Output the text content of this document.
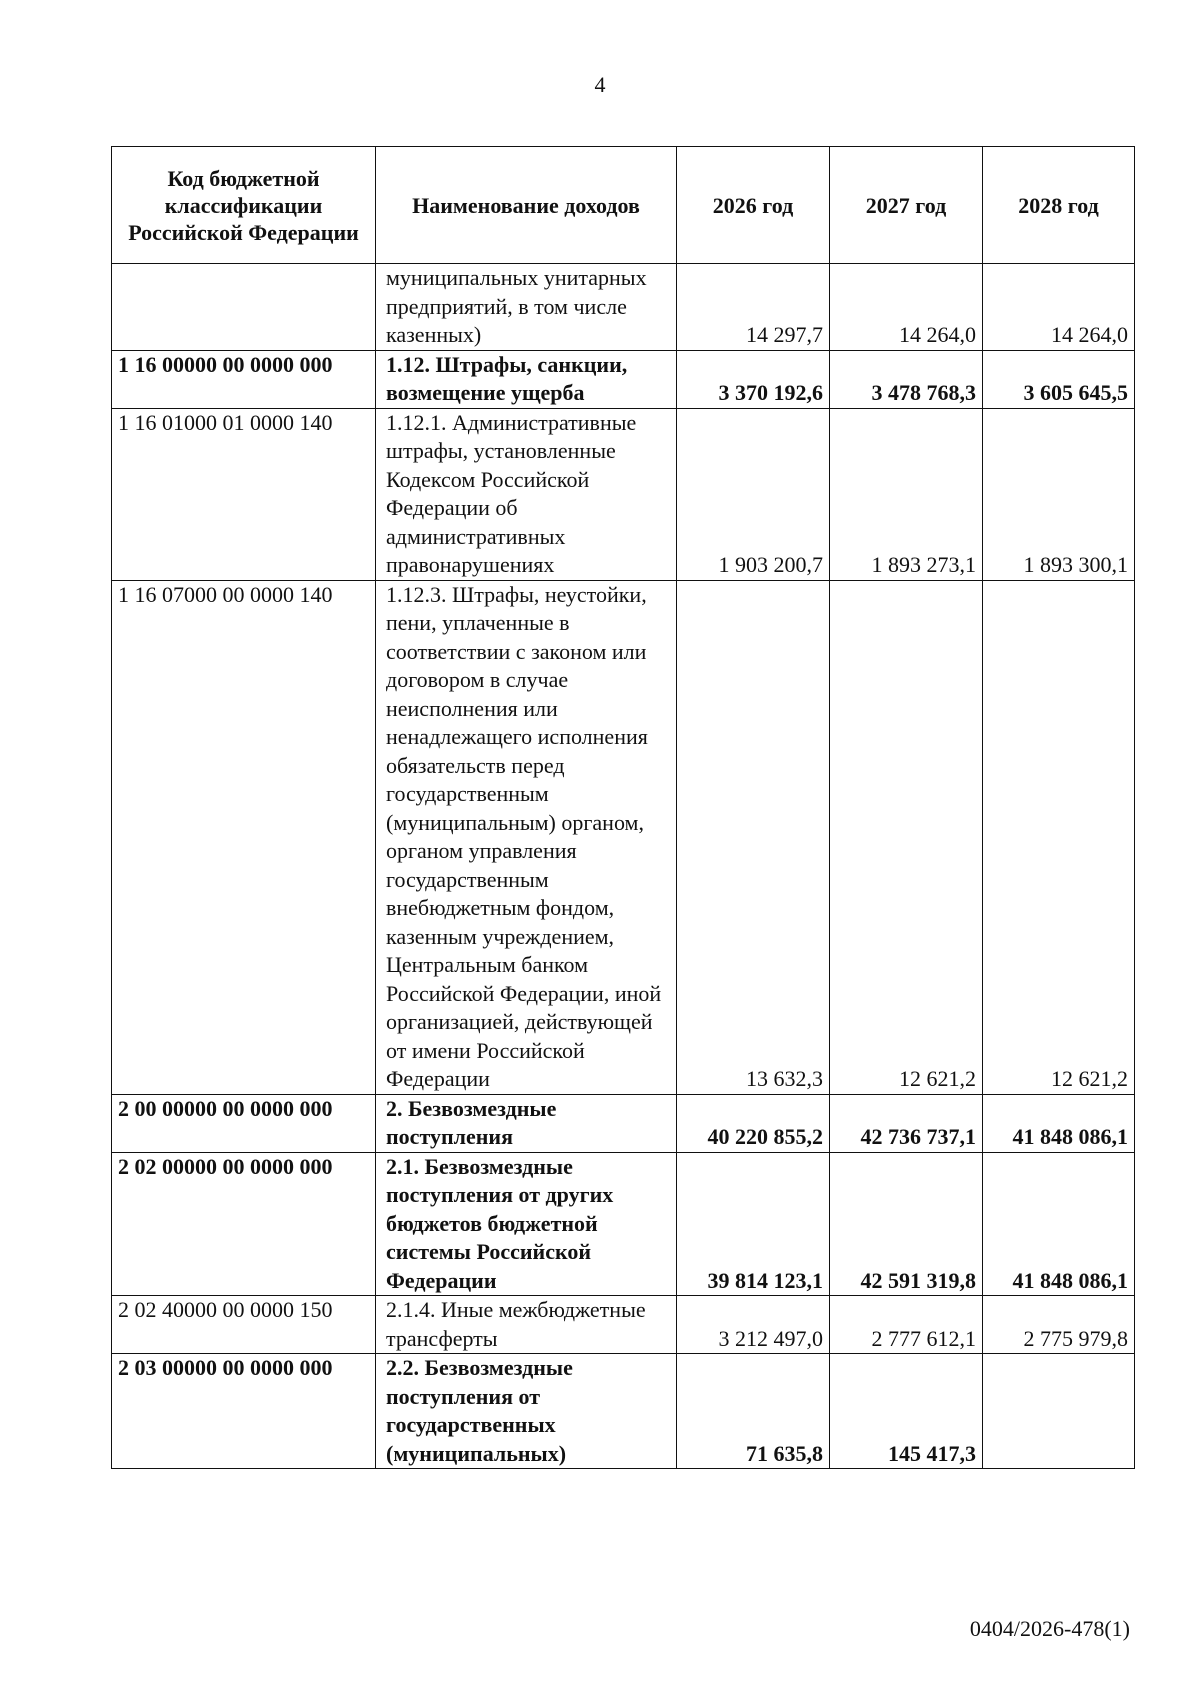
4
Код бюджетной классификации Российской Федерации	Наименование доходов	2026 год	2027 год	2028 год
	муниципальных унитарных предприятий, в том числе казенных)	14 297,7	14 264,0	14 264,0
1 16 00000 00 0000 000	1.12. Штрафы, санкции, возмещение ущерба	3 370 192,6	3 478 768,3	3 605 645,5
1 16 01000 01 0000 140	1.12.1. Административные штрафы, установленные Кодексом Российской Федерации об административных правонарушениях	1 903 200,7	1 893 273,1	1 893 300,1
1 16 07000 00 0000 140	1.12.3. Штрафы, неустойки, пени, уплаченные в соответствии с законом или договором в случае неисполнения или ненадлежащего исполнения обязательств перед государственным (муниципальным) органом, органом управления государственным внебюджетным фондом, казенным учреждением, Центральным банком Российской Федерации, иной организацией, действующей от имени Российской Федерации	13 632,3	12 621,2	12 621,2
2 00 00000 00 0000 000	2. Безвозмездные поступления	40 220 855,2	42 736 737,1	41 848 086,1
2 02 00000 00 0000 000	2.1. Безвозмездные поступления от других бюджетов бюджетной системы Российской Федерации	39 814 123,1	42 591 319,8	41 848 086,1
2 02 40000 00 0000 150	2.1.4. Иные межбюджетные трансферты	3 212 497,0	2 777 612,1	2 775 979,8
2 03 00000 00 0000 000	2.2. Безвозмездные поступления от государственных (муниципальных)	71 635,8	145 417,3	
0404/2026-478(1)
